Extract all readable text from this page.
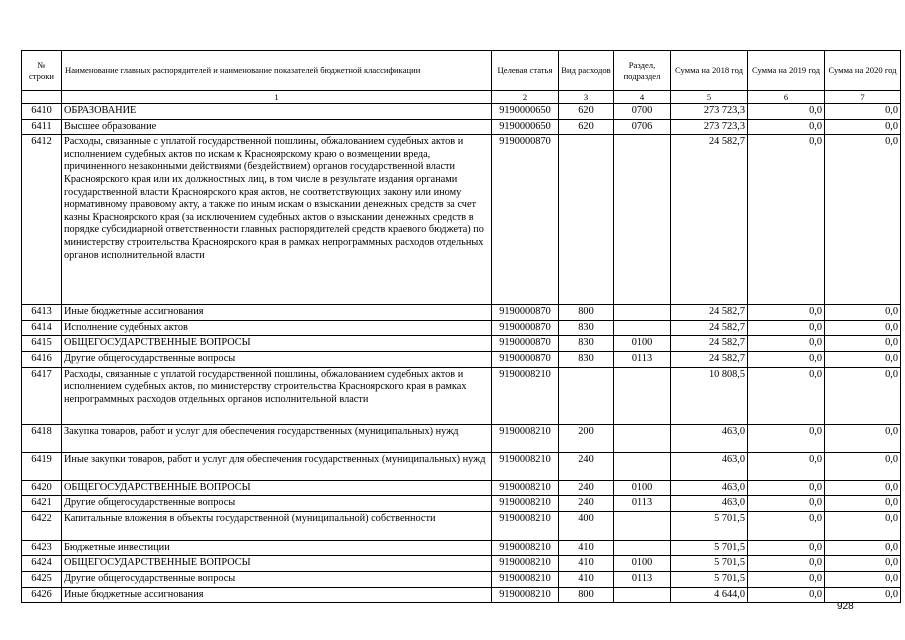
№ строки	Наименование главных распорядителей и наименование показателей бюджетной классификации	Целевая статья	Вид расходов	Раздел, подраздел	Сумма на 2018 год	Сумма на 2019 год	Сумма на 2020 год
	1	2	3	4	5	6	7
6410	ОБРАЗОВАНИЕ	9190000650	620	0700	273 723,3	0,0	0,0
6411	Высшее образование	9190000650	620	0706	273 723,3	0,0	0,0
6412	Расходы, связанные с уплатой государственной пошлины, обжалованием судебных актов и исполнением судебных актов по искам к Красноярскому краю о возмещении вреда, причиненного незаконными действиями (бездействием) органов государственной власти Красноярского края или их должностных лиц, в том числе в результате издания органами государственной власти Красноярского края актов, не соответствующих закону или иному нормативному правовому акту, а также по иным искам о взыскании денежных средств за счет казны Красноярского края (за исключением судебных актов о взыскании денежных средств в порядке субсидиарной ответственности главных распорядителей средств краевого бюджета) по министерству строительства Красноярского края в рамках непрограммных расходов отдельных органов исполнительной власти	9190000870			24 582,7	0,0	0,0
6413	Иные бюджетные ассигнования	9190000870	800		24 582,7	0,0	0,0
6414	Исполнение судебных актов	9190000870	830		24 582,7	0,0	0,0
6415	ОБЩЕГОСУДАРСТВЕННЫЕ ВОПРОСЫ	9190000870	830	0100	24 582,7	0,0	0,0
6416	Другие общегосударственные вопросы	9190000870	830	0113	24 582,7	0,0	0,0
6417	Расходы, связанные с уплатой государственной пошлины, обжалованием судебных актов и исполнением судебных актов, по министерству строительства Красноярского края в рамках непрограммных расходов отдельных органов исполнительной власти	9190008210			10 808,5	0,0	0,0
6418	Закупка товаров, работ и услуг для обеспечения государственных (муниципальных) нужд	9190008210	200		463,0	0,0	0,0
6419	Иные закупки товаров, работ и услуг для обеспечения государственных (муниципальных) нужд	9190008210	240		463,0	0,0	0,0
6420	ОБЩЕГОСУДАРСТВЕННЫЕ ВОПРОСЫ	9190008210	240	0100	463,0	0,0	0,0
6421	Другие общегосударственные вопросы	9190008210	240	0113	463,0	0,0	0,0
6422	Капитальные вложения в объекты государственной (муниципальной) собственности	9190008210	400		5 701,5	0,0	0,0
6423	Бюджетные инвестиции	9190008210	410		5 701,5	0,0	0,0
6424	ОБЩЕГОСУДАРСТВЕННЫЕ ВОПРОСЫ	9190008210	410	0100	5 701,5	0,0	0,0
6425	Другие общегосударственные вопросы	9190008210	410	0113	5 701,5	0,0	0,0
6426	Иные бюджетные ассигнования	9190008210	800		4 644,0	0,0	0,0
928
